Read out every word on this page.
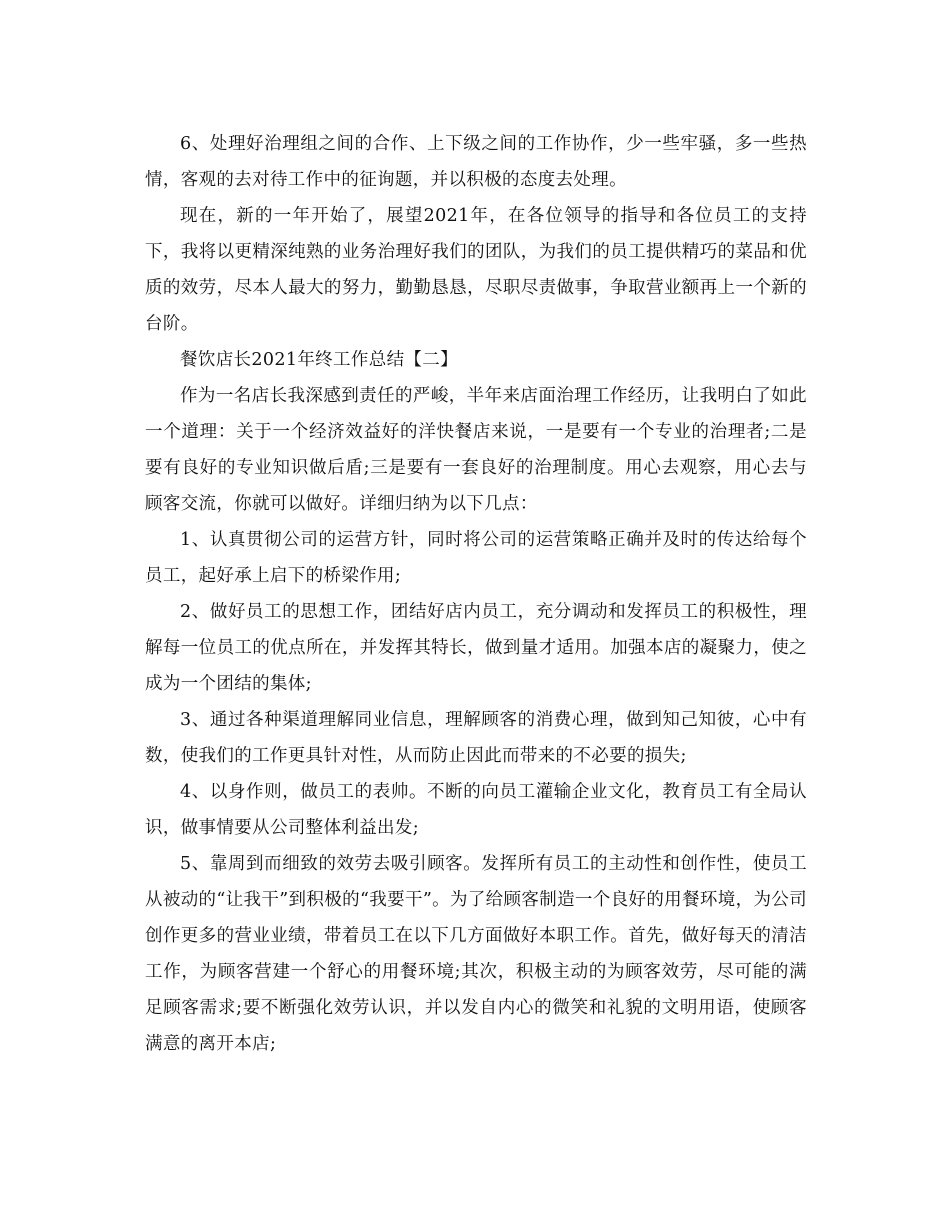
6、处理好治理组之间的合作、上下级之间的工作协作，少一些牢骚，多一些热情，客观的去对待工作中的征询题，并以积极的态度去处理。

现在，新的一年开始了，展望2021年，在各位领导的指导和各位员工的支持下，我将以更精深纯熟的业务治理好我们的团队，为我们的员工提供精巧的菜品和优质的效劳，尽本人最大的努力，勤勤恳恳，尽职尽责做事，争取营业额再上一个新的台阶。

餐饮店长2021年终工作总结【二】

作为一名店长我深感到责任的严峻，半年来店面治理工作经历，让我明白了如此一个道理：关于一个经济效益好的洋快餐店来说，一是要有一个专业的治理者;二是要有良好的专业知识做后盾;三是要有一套良好的治理制度。用心去观察，用心去与顾客交流，你就可以做好。详细归纳为以下几点：

1、认真贯彻公司的运营方针，同时将公司的运营策略正确并及时的传达给每个员工，起好承上启下的桥梁作用;

2、做好员工的思想工作，团结好店内员工，充分调动和发挥员工的积极性，理解每一位员工的优点所在，并发挥其特长，做到量才适用。加强本店的凝聚力，使之成为一个团结的集体;

3、通过各种渠道理解同业信息，理解顾客的消费心理，做到知己知彼，心中有数，使我们的工作更具针对性，从而防止因此而带来的不必要的损失;

4、以身作则，做员工的表帅。不断的向员工灌输企业文化，教育员工有全局认识，做事情要从公司整体利益出发;

5、靠周到而细致的效劳去吸引顾客。发挥所有员工的主动性和创作性，使员工从被动的“让我干”到积极的“我要干”。为了给顾客制造一个良好的用餐环境，为公司创作更多的营业业绩，带着员工在以下几方面做好本职工作。首先，做好每天的清洁工作，为顾客营建一个舒心的用餐环境;其次，积极主动的为顾客效劳，尽可能的满足顾客需求;要不断强化效劳认识，并以发自内心的微笑和礼貌的文明用语，使顾客满意的离开本店;
